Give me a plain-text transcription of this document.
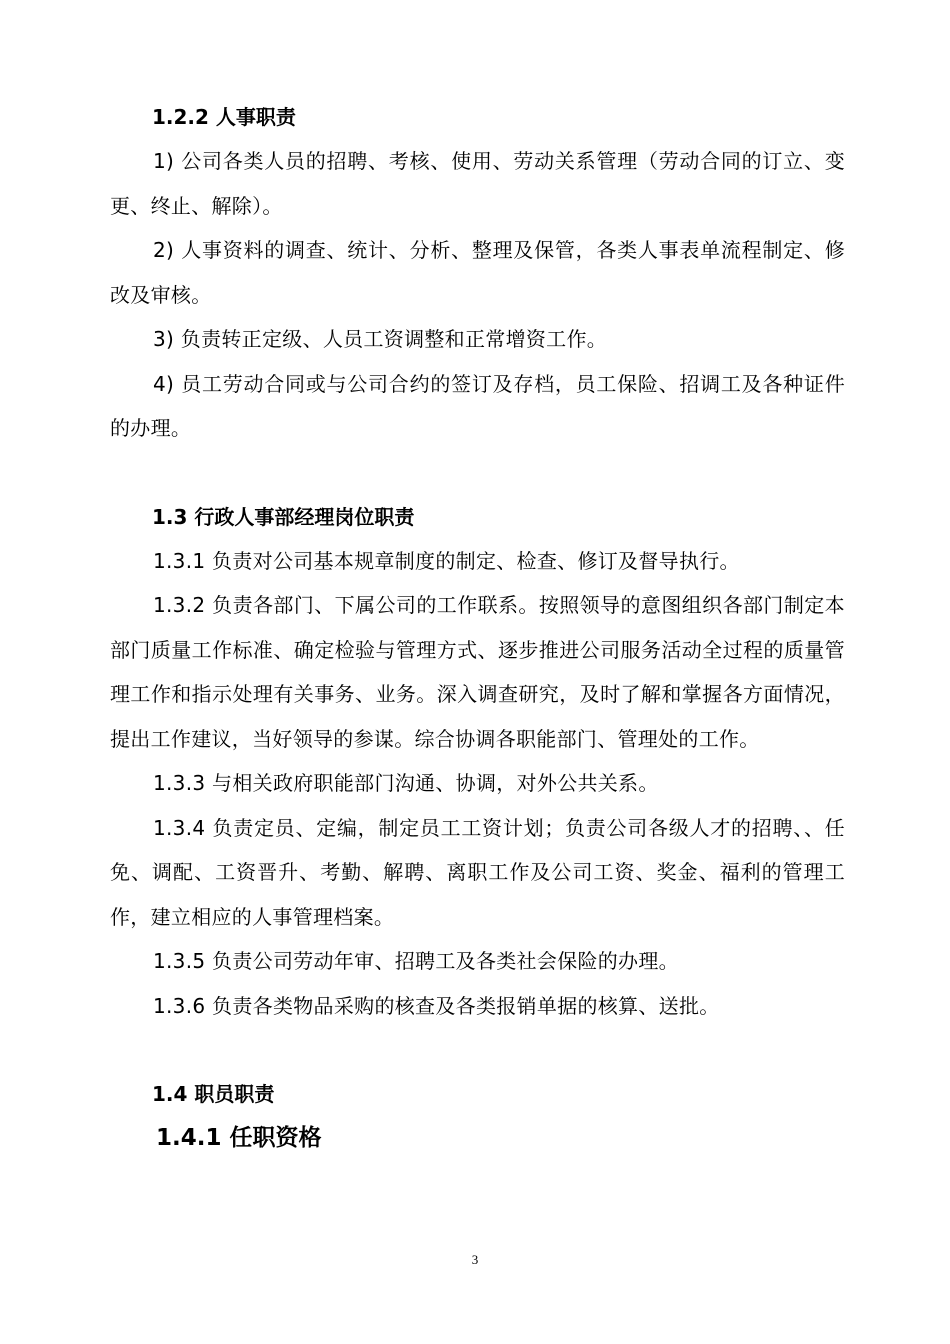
1.2.2 人事职责

1) 公司各类人员的招聘、考核、使用、劳动关系管理（劳动合同的订立、变更、终止、解除）。

2) 人事资料的调查、统计、分析、整理及保管，各类人事表单流程制定、修改及审核。

3) 负责转正定级、人员工资调整和正常增资工作。

4) 员工劳动合同或与公司合约的签订及存档，员工保险、招调工及各种证件的办理。

1.3 行政人事部经理岗位职责

1.3.1 负责对公司基本规章制度的制定、检查、修订及督导执行。

1.3.2 负责各部门、下属公司的工作联系。按照领导的意图组织各部门制定本部门质量工作标准、确定检验与管理方式、逐步推进公司服务活动全过程的质量管理工作和指示处理有关事务、业务。深入调查研究，及时了解和掌握各方面情况，提出工作建议，当好领导的参谋。综合协调各职能部门、管理处的工作。

1.3.3 与相关政府职能部门沟通、协调，对外公共关系。

1.3.4 负责定员、定编，制定员工工资计划；负责公司各级人才的招聘、、任免、调配、工资晋升、考勤、解聘、离职工作及公司工资、奖金、福利的管理工作，建立相应的人事管理档案。

1.3.5 负责公司劳动年审、招聘工及各类社会保险的办理。

1.3.6 负责各类物品采购的核查及各类报销单据的核算、送批。

1.4 职员职责

1.4.1 任职资格

3
